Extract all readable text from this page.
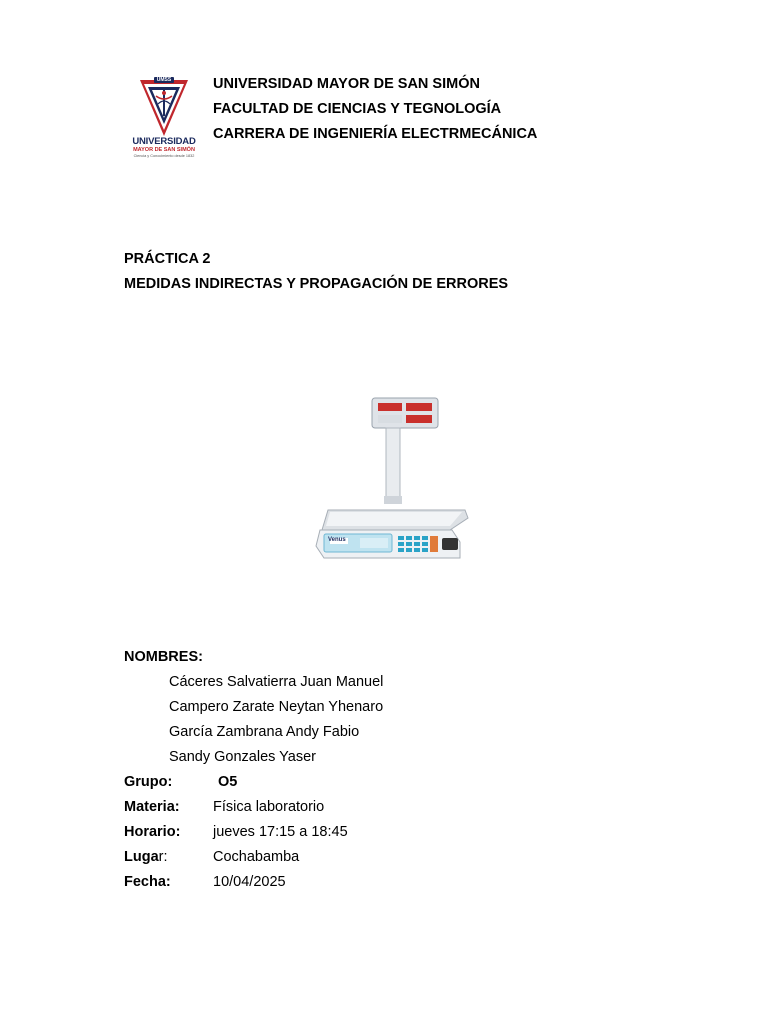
UMSS
UNIVERSIDAD
MAYOR DE SAN SIMÓN
Ciencia y Conocimiento desde 1832
UNIVERSIDAD MAYOR DE SAN SIMÓN
FACULTAD DE CIENCIAS Y TEGNOLOGÍA
CARRERA DE INGENIERÍA ELECTRMECÁNICA
PRÁCTICA 2
MEDIDAS INDIRECTAS Y PROPAGACIÓN DE ERRORES
Venus
NOMBRES:
Cáceres Salvatierra Juan Manuel
Campero Zarate Neytan Yhenaro
García Zambrana Andy Fabio
Sandy Gonzales Yaser
Grupo:	O5
Materia: Física laboratorio
Horario: jueves 17:15 a 18:45
Lugar:	Cochabamba
Fecha:	10/04/2025
